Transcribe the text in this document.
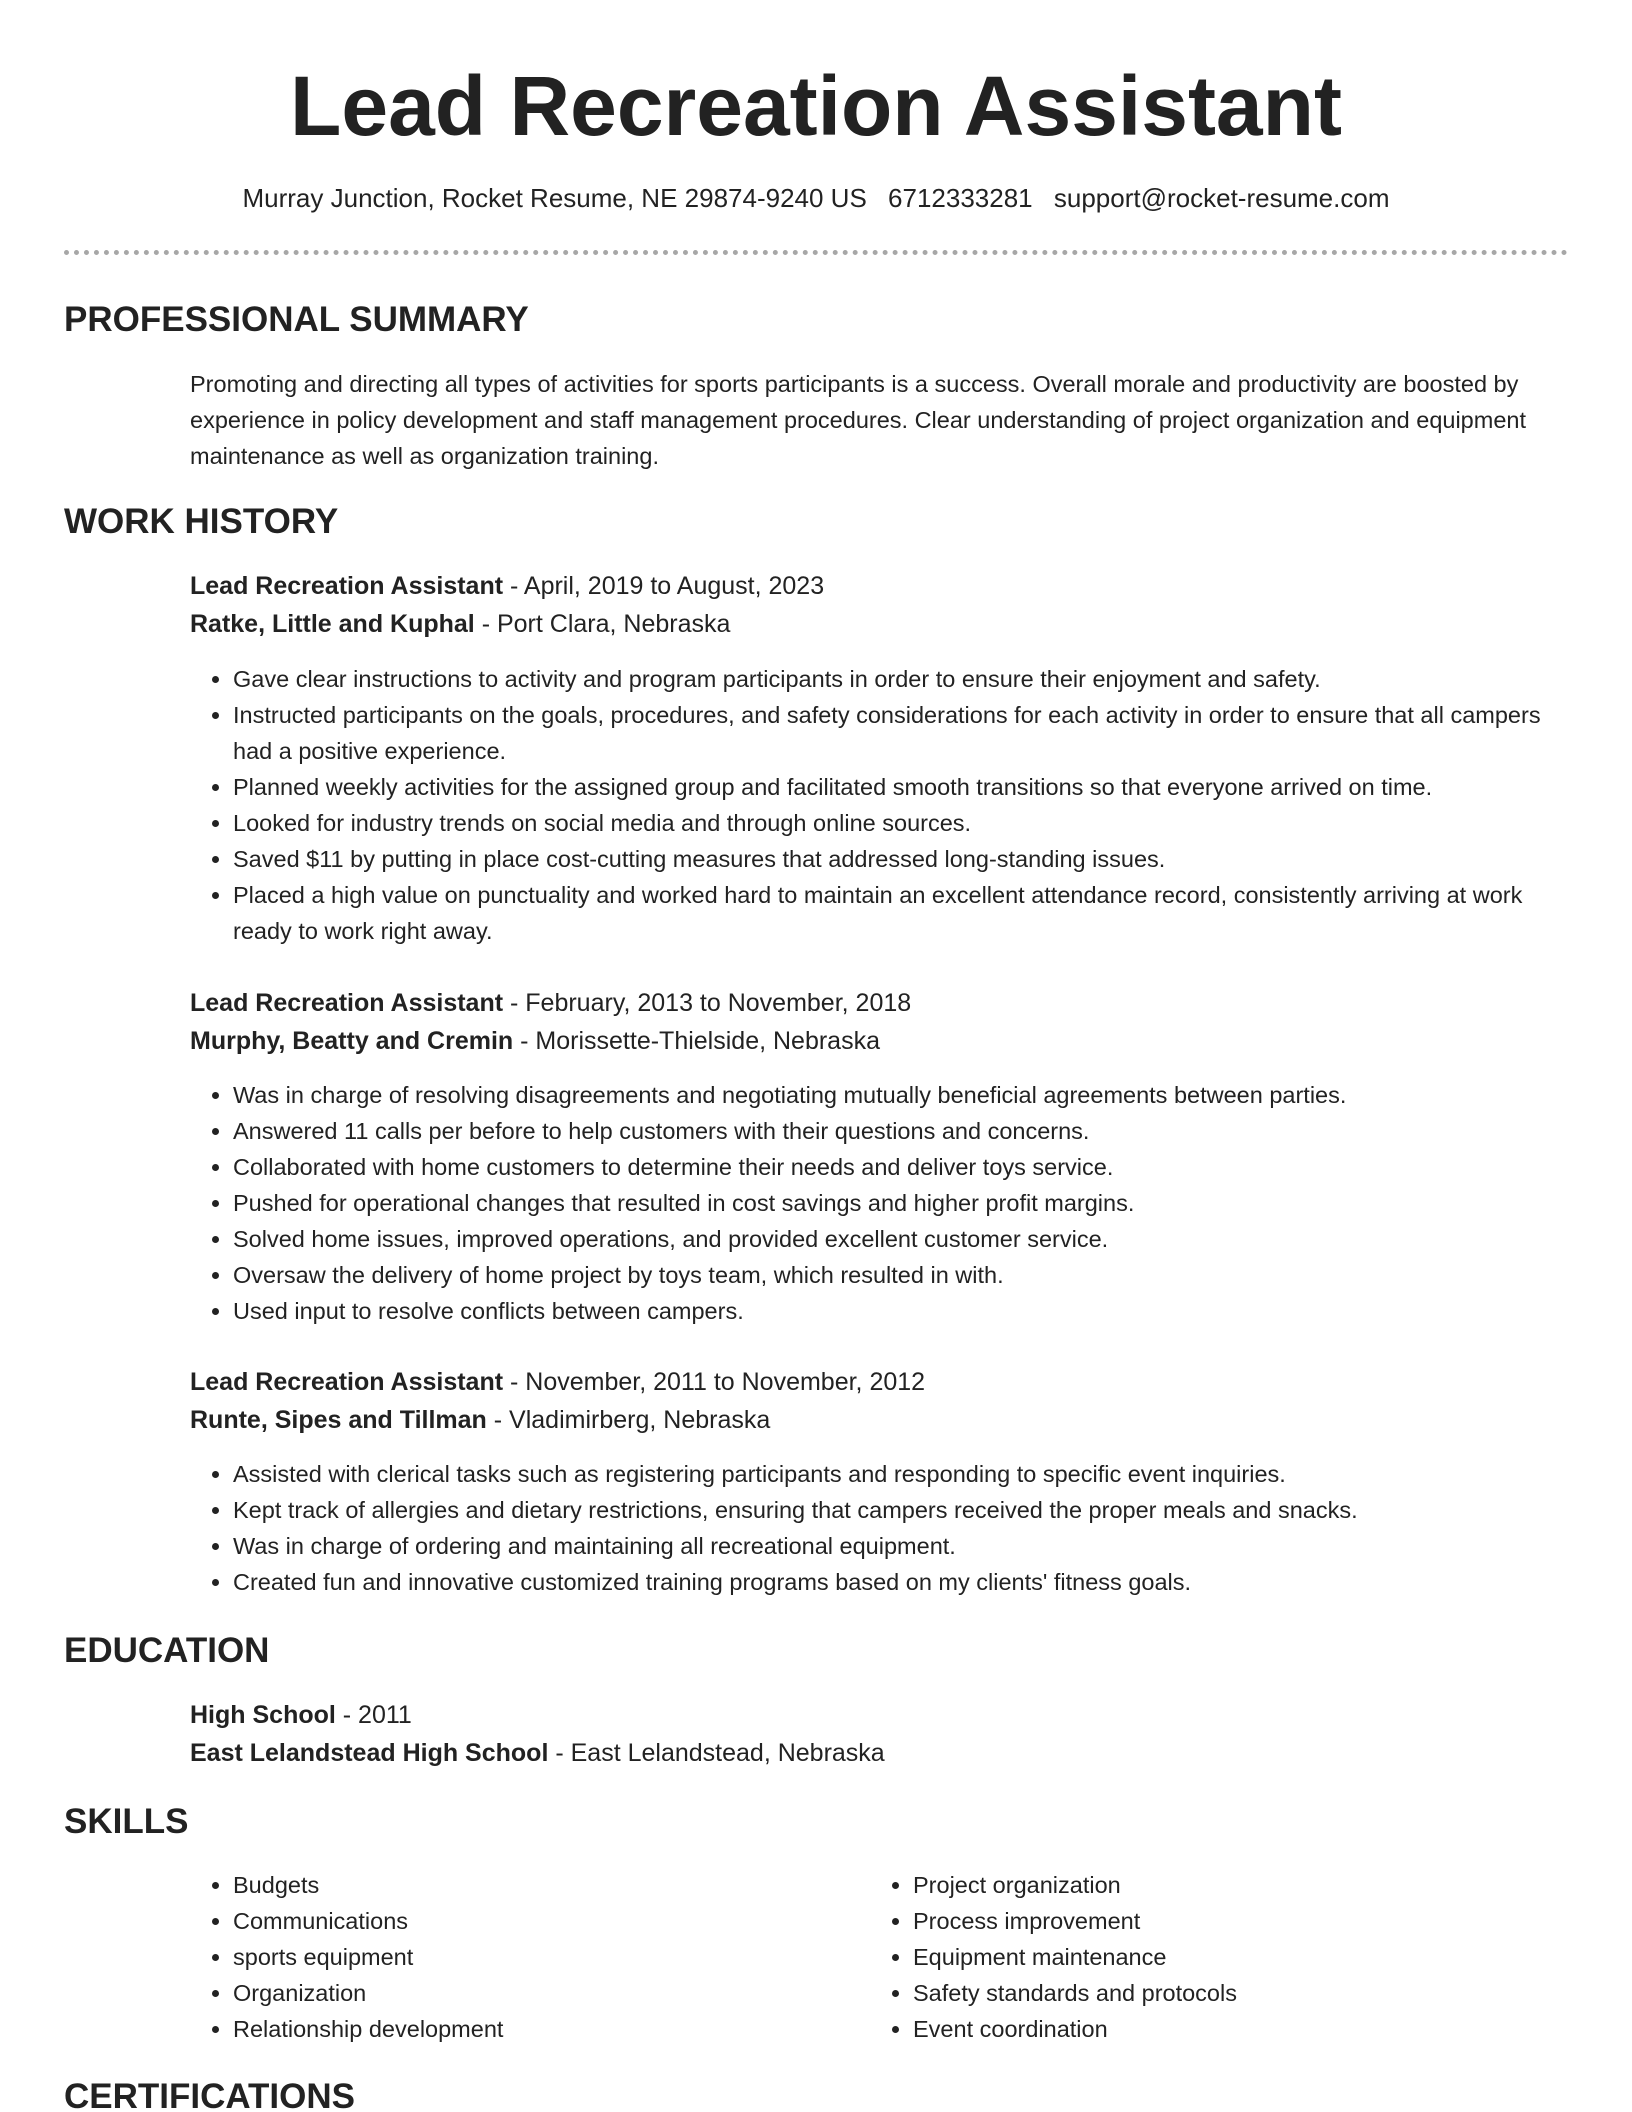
Lead Recreation Assistant
Murray Junction, Rocket Resume, NE 29874-9240 US 6712333281 support@rocket-resume.com
PROFESSIONAL SUMMARY

Promoting and directing all types of activities for sports participants is a success. Overall morale and productivity are boosted by experience in policy development and staff management procedures. Clear understanding of project organization and equipment maintenance as well as organization training.

WORK HISTORY
Lead Recreation Assistant - April, 2019 to August, 2023
Ratke, Little and Kuphal - Port Clara, Nebraska
• Gave clear instructions to activity and program participants in order to ensure their enjoyment and safety.
• Instructed participants on the goals, procedures, and safety considerations for each activity in order to ensure that all campers had a positive experience.
• Planned weekly activities for the assigned group and facilitated smooth transitions so that everyone arrived on time.
• Looked for industry trends on social media and through online sources.
• Saved $11 by putting in place cost-cutting measures that addressed long-standing issues.
• Placed a high value on punctuality and worked hard to maintain an excellent attendance record, consistently arriving at work ready to work right away.
Lead Recreation Assistant - February, 2013 to November, 2018
Murphy, Beatty and Cremin - Morissette-Thielside, Nebraska
• Was in charge of resolving disagreements and negotiating mutually beneficial agreements between parties.
• Answered 11 calls per before to help customers with their questions and concerns.
• Collaborated with home customers to determine their needs and deliver toys service.
• Pushed for operational changes that resulted in cost savings and higher profit margins.
• Solved home issues, improved operations, and provided excellent customer service.
• Oversaw the delivery of home project by toys team, which resulted in with.
• Used input to resolve conflicts between campers.
Lead Recreation Assistant - November, 2011 to November, 2012
Runte, Sipes and Tillman - Vladimirberg, Nebraska
• Assisted with clerical tasks such as registering participants and responding to specific event inquiries.
• Kept track of allergies and dietary restrictions, ensuring that campers received the proper meals and snacks.
• Was in charge of ordering and maintaining all recreational equipment.
• Created fun and innovative customized training programs based on my clients' fitness goals.
EDUCATION
High School - 2011
East Lelandstead High School - East Lelandstead, Nebraska
SKILLS
• Budgets
• Communications
• sports equipment
• Organization
• Relationship development
• Project organization
• Process improvement
• Equipment maintenance
• Safety standards and protocols
• Event coordination
CERTIFICATIONS
